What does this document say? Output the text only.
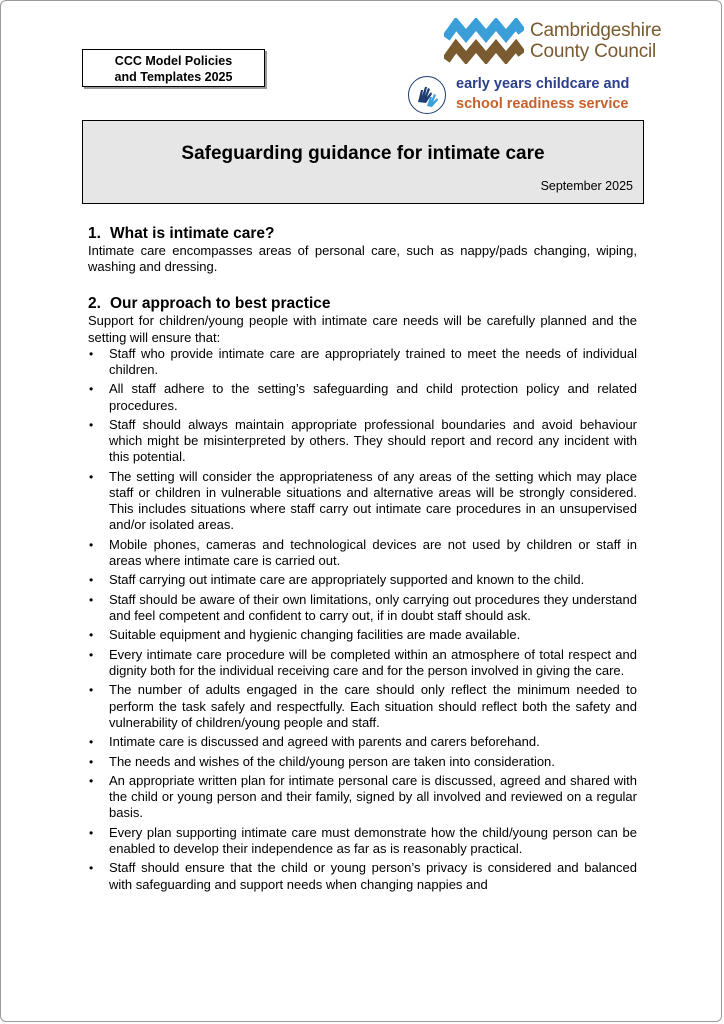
CCC Model Policies
and Templates 2025
Cambridgeshire
County Council
early years childcare and
school readiness service
Safeguarding guidance for intimate care
September 2025
1. What is intimate care?

Intimate care encompasses areas of personal care, such as nappy/pads changing, wiping, washing and dressing.

2. Our approach to best practice

Support for children/young people with intimate care needs will be carefully planned and the setting will ensure that:

• Staff who provide intimate care are appropriately trained to meet the needs of individual children.
• All staff adhere to the setting’s safeguarding and child protection policy and related procedures.
• Staff should always maintain appropriate professional boundaries and avoid behaviour which might be misinterpreted by others. They should report and record any incident with this potential.
• The setting will consider the appropriateness of any areas of the setting which may place staff or children in vulnerable situations and alternative areas will be strongly considered. This includes situations where staff carry out intimate care procedures in an unsupervised and/or isolated areas.
• Mobile phones, cameras and technological devices are not used by children or staff in areas where intimate care is carried out.
• Staff carrying out intimate care are appropriately supported and known to the child.
• Staff should be aware of their own limitations, only carrying out procedures they understand and feel competent and confident to carry out, if in doubt staff should ask.
• Suitable equipment and hygienic changing facilities are made available.
• Every intimate care procedure will be completed within an atmosphere of total respect and dignity both for the individual receiving care and for the person involved in giving the care.
• The number of adults engaged in the care should only reflect the minimum needed to perform the task safely and respectfully. Each situation should reflect both the safety and vulnerability of children/young people and staff.
• Intimate care is discussed and agreed with parents and carers beforehand.
• The needs and wishes of the child/young person are taken into consideration.
• An appropriate written plan for intimate personal care is discussed, agreed and shared with the child or young person and their family, signed by all involved and reviewed on a regular basis.
• Every plan supporting intimate care must demonstrate how the child/young person can be enabled to develop their independence as far as is reasonably practical.
• Staff should ensure that the child or young person’s privacy is considered and balanced with safeguarding and support needs when changing nappies and
